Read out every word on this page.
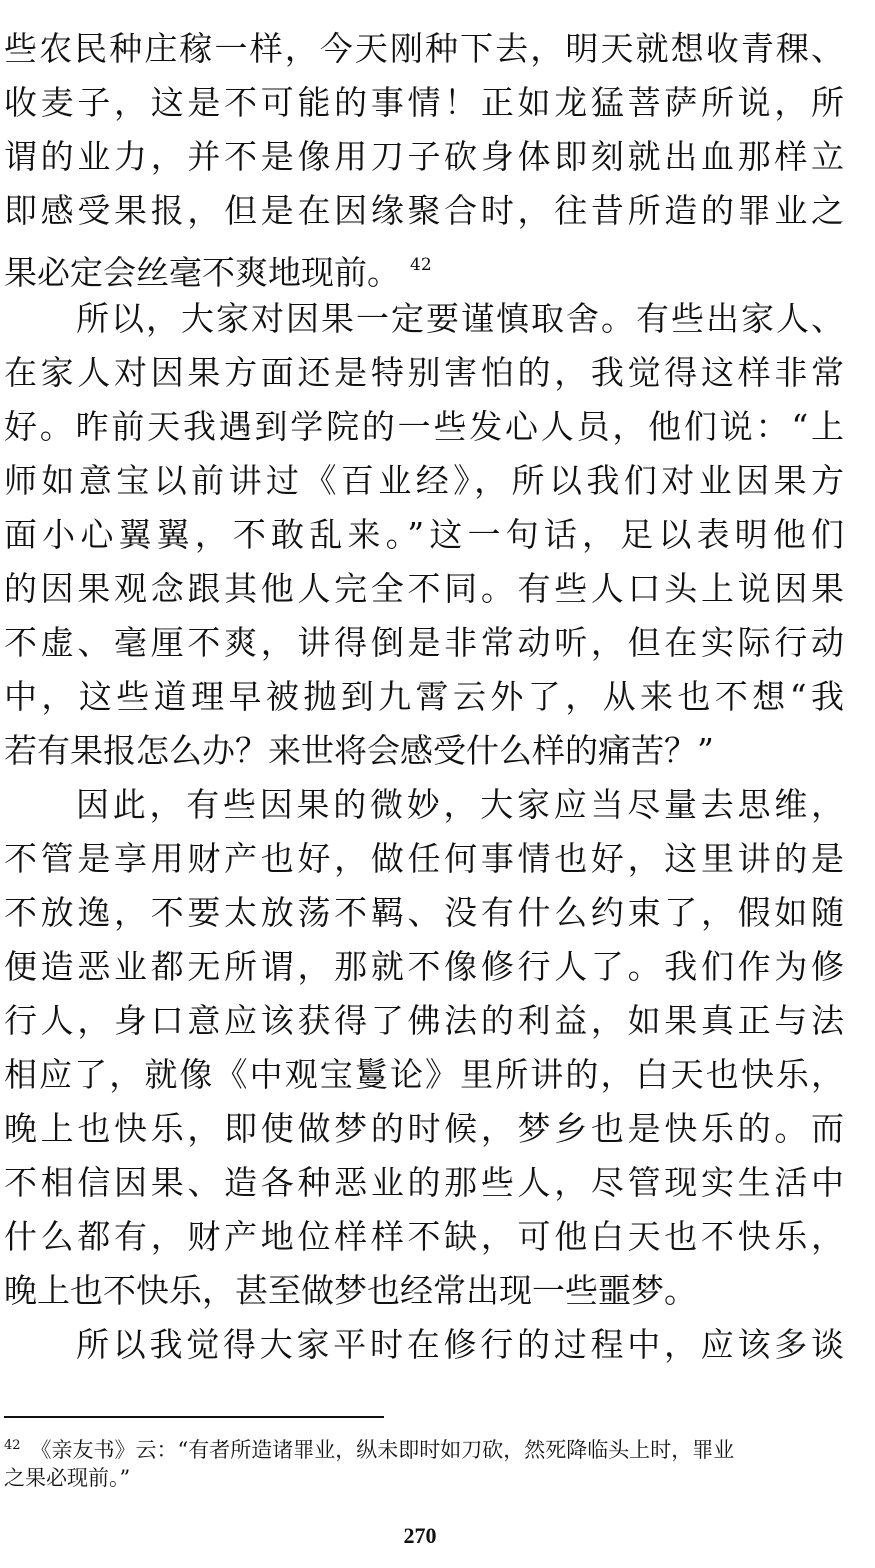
些农民种庄稼一样，今天刚种下去，明天就想收青稞、
收麦子，这是不可能的事情！正如龙猛菩萨所说，所
谓的业力，并不是像用刀子砍身体即刻就出血那样立
即感受果报，但是在因缘聚合时，往昔所造的罪业之
果必定会丝毫不爽地现前。 $^{42}$
所以，大家对因果一定要谨慎取舍。有些出家人、
在家人对因果方面还是特别害怕的，我觉得这样非常
好。昨前天我遇到学院的一些发心人员，他们说：“上
师如意宝以前讲过《百业经》，所以我们对业因果方
面小心翼翼，不敢乱来。”这一句话，足以表明他们
的因果观念跟其他人完全不同。有些人口头上说因果
不虚、毫厘不爽，讲得倒是非常动听，但在实际行动
中，这些道理早被抛到九霄云外了，从来也不想“我
若有果报怎么办？来世将会感受什么样的痛苦？”
因此，有些因果的微妙，大家应当尽量去思维，
不管是享用财产也好，做任何事情也好，这里讲的是
不放逸，不要太放荡不羁、没有什么约束了，假如随
便造恶业都无所谓，那就不像修行人了。我们作为修
行人，身口意应该获得了佛法的利益，如果真正与法
相应了，就像《中观宝鬘论》里所讲的，白天也快乐，
晚上也快乐，即使做梦的时候，梦乡也是快乐的。而
不相信因果、造各种恶业的那些人，尽管现实生活中
什么都有，财产地位样样不缺，可他白天也不快乐，
晚上也不快乐，甚至做梦也经常出现一些噩梦。
所以我觉得大家平时在修行的过程中，应该多谈
$^{42}$ 《亲友书》云：“有者所造诸罪业，纵未即时如刀砍，然死降临头上时，罪业
之果必现前。”
270
